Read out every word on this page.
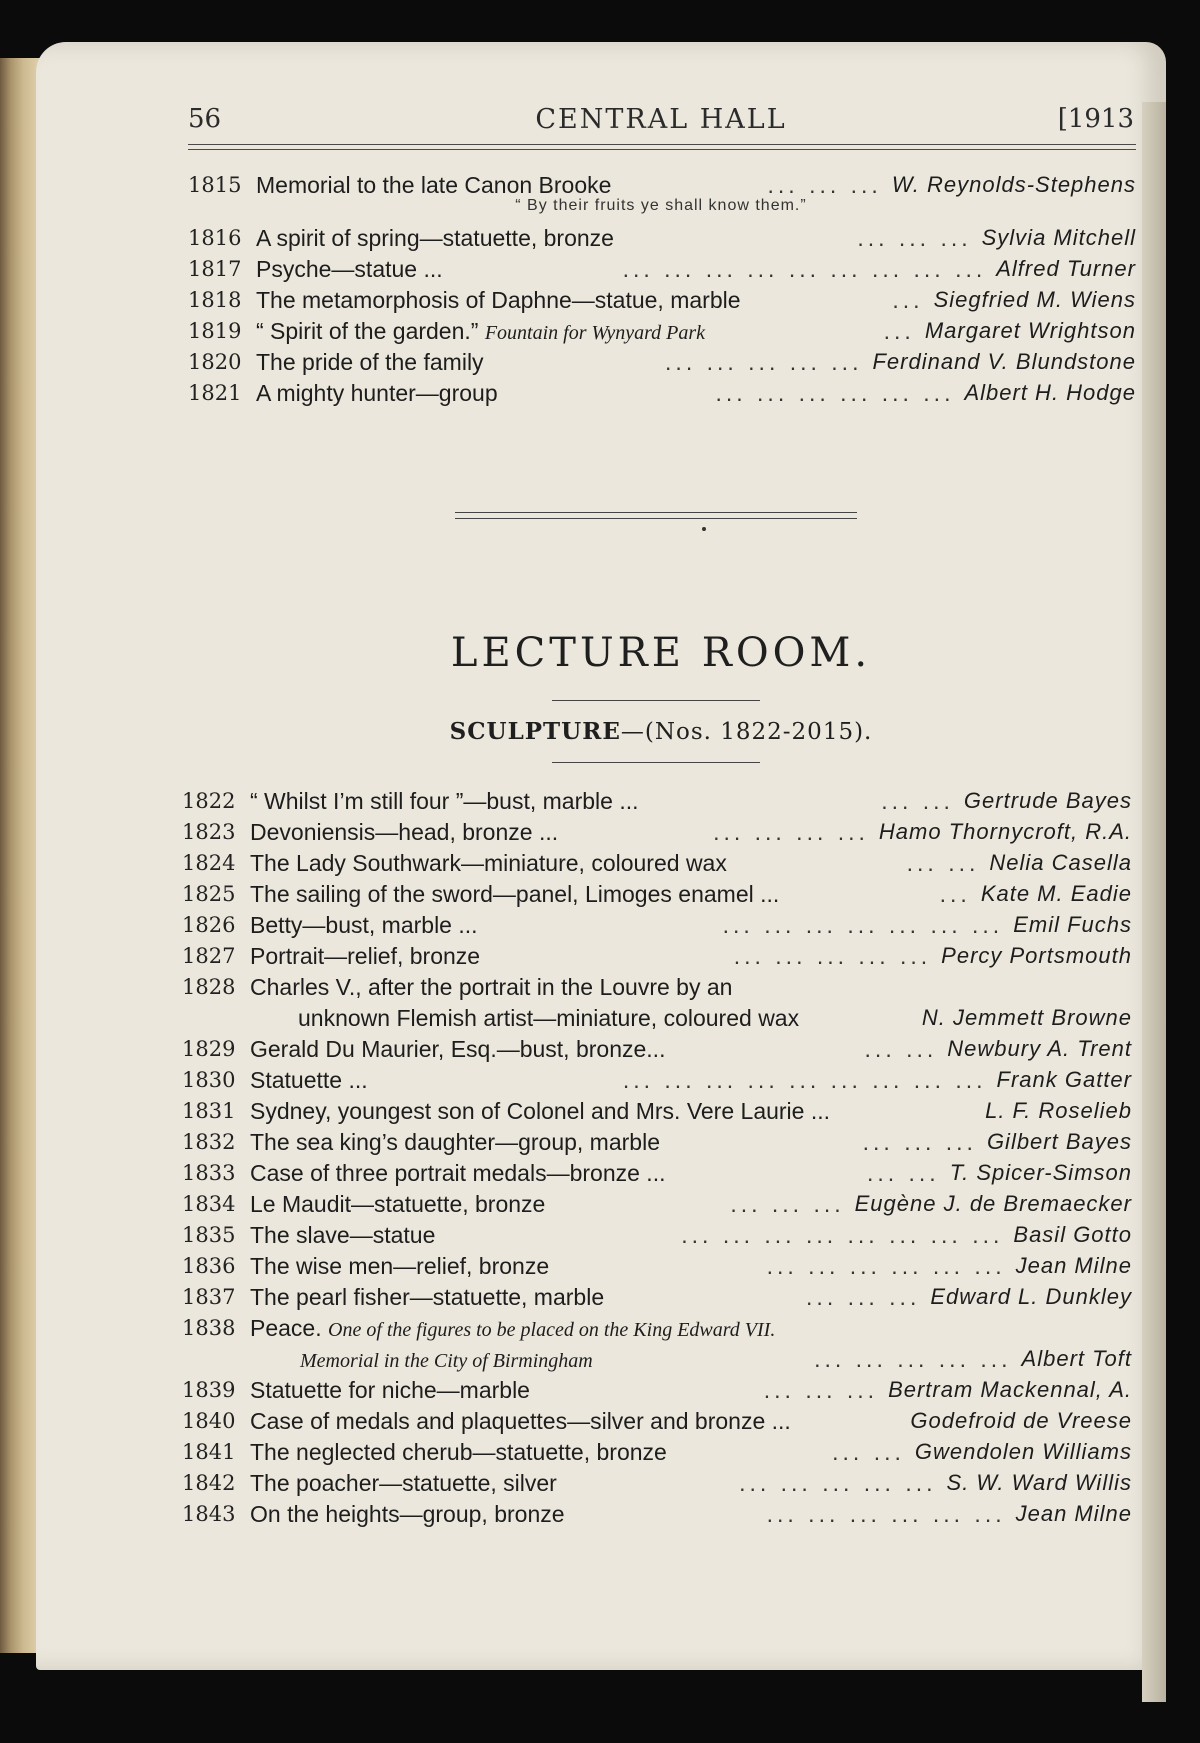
56	CENTRAL HALL	[1913
1815 Memorial to the late Canon Brooke	W. Reynolds-Stephens
... ... ...
“ By their fruits ye shall know them.”
1816 A spirit of spring—statuette, bronze	Sylvia Mitchell
... ... ...
1817 Psyche—statue ...	Alfred Turner
... ... ... ... ... ... ... ... ...
1818 The metamorphosis of Daphne—statue, marble	Siegfried M. Wiens
...
1819 “ Spirit of the garden.” Fountain for Wynyard Park	Margaret Wrightson
...
1820 The pride of the family	Ferdinand V. Blundstone
... ... ... ... ...
1821 A mighty hunter—group	Albert H. Hodge
... ... ... ... ... ...
LECTURE ROOM.
SCULPTURE—(Nos. 1822-2015).
1822 “ Whilst I’m still four ”—bust, marble ...	Gertrude Bayes
... ...
1823 Devoniensis—head, bronze ...	Hamo Thornycroft, R.A.
... ... ... ...
1824 The Lady Southwark—miniature, coloured wax	Nelia Casella
... ...
1825 The sailing of the sword—panel, Limoges enamel ...	Kate M. Eadie
...
1826 Betty—bust, marble ...	Emil Fuchs
... ... ... ... ... ... ...
1827 Portrait—relief, bronze	Percy Portsmouth
... ... ... ... ...
1828 Charles V., after the portrait in the Louvre by an
unknown Flemish artist—miniature, coloured wax	N. Jemmett Browne
1829 Gerald Du Maurier, Esq.—bust, bronze...	Newbury A. Trent
... ...
1830 Statuette ...	Frank Gatter
... ... ... ... ... ... ... ... ...
1831 Sydney, youngest son of Colonel and Mrs. Vere Laurie ...	L. F. Roselieb
1832 The sea king’s daughter—group, marble	Gilbert Bayes
... ... ...
1833 Case of three portrait medals—bronze ...	T. Spicer-Simson
... ...
1834 Le Maudit—statuette, bronze	Eugène J. de Bremaecker
... ... ...
1835 The slave—statue	Basil Gotto
... ... ... ... ... ... ... ...
1836 The wise men—relief, bronze	Jean Milne
... ... ... ... ... ...
1837 The pearl fisher—statuette, marble	Edward L. Dunkley
... ... ...
1838 Peace. One of the figures to be placed on the King Edward VII.
Memorial in the City of Birmingham	Albert Toft
... ... ... ... ...
1839 Statuette for niche—marble	Bertram Mackennal, A.
... ... ...
1840 Case of medals and plaquettes—silver and bronze ...	Godefroid de Vreese
1841 The neglected cherub—statuette, bronze	Gwendolen Williams
... ...
1842 The poacher—statuette, silver	S. W. Ward Willis
... ... ... ... ...
1843 On the heights—group, bronze	Jean Milne
... ... ... ... ... ...
